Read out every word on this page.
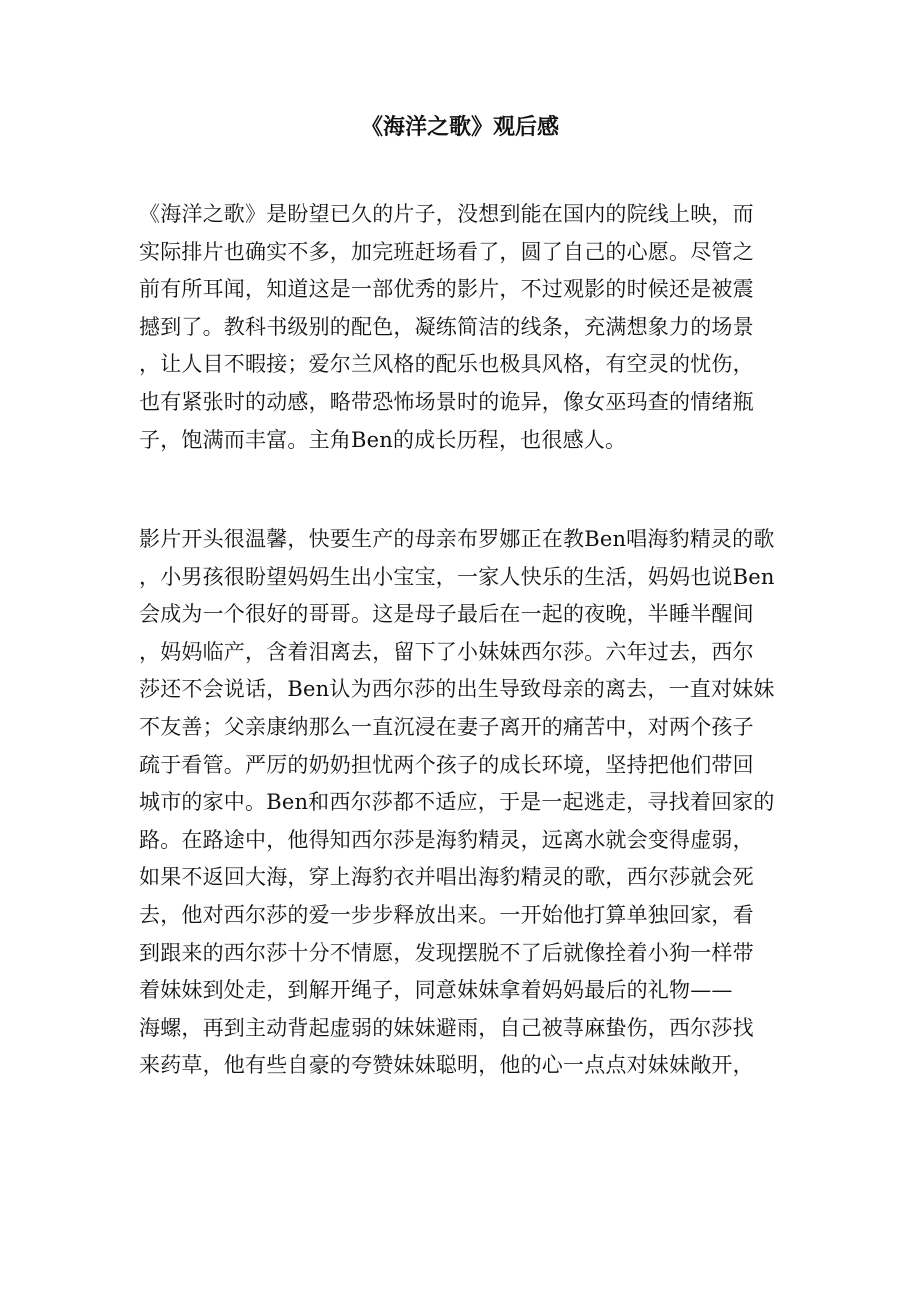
《海洋之歌》观后感
《海洋之歌》是盼望已久的片子，没想到能在国内的院线上映，而
实际排片也确实不多，加完班赶场看了，圆了自己的心愿。尽管之
前有所耳闻，知道这是一部优秀的影片，不过观影的时候还是被震
撼到了。教科书级别的配色，凝练简洁的线条，充满想象力的场景
，让人目不暇接；爱尔兰风格的配乐也极具风格，有空灵的忧伤，
也有紧张时的动感，略带恐怖场景时的诡异，像女巫玛查的情绪瓶
子，饱满而丰富。主角Ben的成长历程，也很感人。
影片开头很温馨，快要生产的母亲布罗娜正在教Ben唱海豹精灵的歌
，小男孩很盼望妈妈生出小宝宝，一家人快乐的生活，妈妈也说Ben
会成为一个很好的哥哥。这是母子最后在一起的夜晚，半睡半醒间
，妈妈临产，含着泪离去，留下了小妹妹西尔莎。六年过去，西尔
莎还不会说话，Ben认为西尔莎的出生导致母亲的离去，一直对妹妹
不友善；父亲康纳那么一直沉浸在妻子离开的痛苦中，对两个孩子
疏于看管。严厉的奶奶担忧两个孩子的成长环境，坚持把他们带回
城市的家中。Ben和西尔莎都不适应，于是一起逃走，寻找着回家的
路。在路途中，他得知西尔莎是海豹精灵，远离水就会变得虚弱，
如果不返回大海，穿上海豹衣并唱出海豹精灵的歌，西尔莎就会死
去，他对西尔莎的爱一步步释放出来。一开始他打算单独回家，看
到跟来的西尔莎十分不情愿，发现摆脱不了后就像拴着小狗一样带
着妹妹到处走，到解开绳子，同意妹妹拿着妈妈最后的礼物——
海螺，再到主动背起虚弱的妹妹避雨，自己被荨麻蛰伤，西尔莎找
来药草，他有些自豪的夸赞妹妹聪明，他的心一点点对妹妹敞开，
